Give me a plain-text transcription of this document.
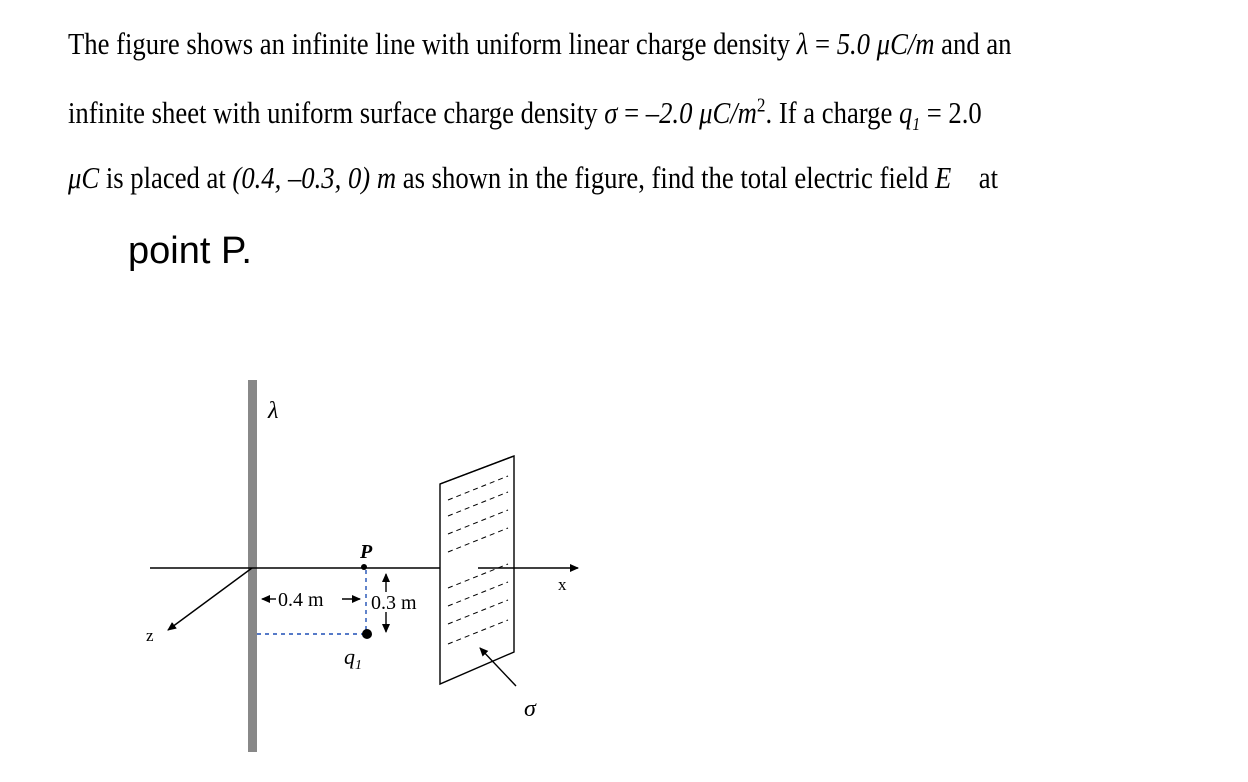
The figure shows an infinite line with uniform linear charge density λ = 5.0 μC/m and an
infinite sheet with uniform surface charge density σ = –2.0 $\mu C/m^2$. If a charge $q_1 = 2.0$
μC is placed at (0.4, –0.3, 0) m as shown in the figure, find the total electric field E at
point P.
λ
P
x
z
0.4 m 0.3 m
$q_1$
σ
